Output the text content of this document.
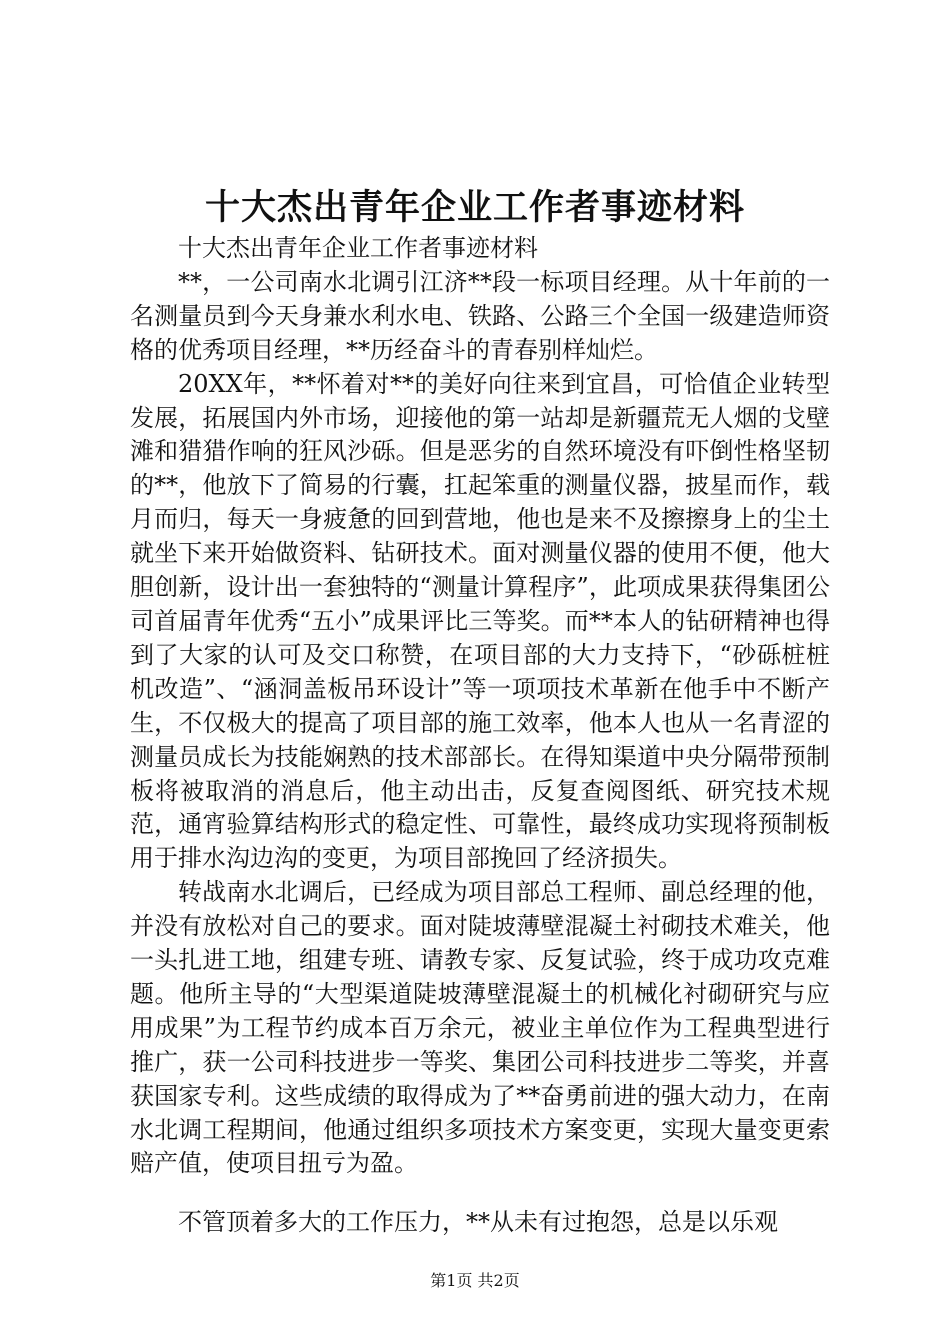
十大杰出青年企业工作者事迹材料

十大杰出青年企业工作者事迹材料

**，一公司南水北调引江济**段一标项目经理。从十年前的一名测量员到今天身兼水利水电、铁路、公路三个全国一级建造师资格的优秀项目经理，**历经奋斗的青春别样灿烂。

20XX年，**怀着对**的美好向往来到宜昌，可恰值企业转型发展，拓展国内外市场，迎接他的第一站却是新疆荒无人烟的戈壁滩和猎猎作响的狂风沙砾。但是恶劣的自然环境没有吓倒性格坚韧的**，他放下了简易的行囊，扛起笨重的测量仪器，披星而作，载月而归，每天一身疲惫的回到营地，他也是来不及擦擦身上的尘土就坐下来开始做资料、钻研技术。面对测量仪器的使用不便，他大胆创新，设计出一套独特的“测量计算程序”，此项成果获得集团公司首届青年优秀“五小”成果评比三等奖。而**本人的钻研精神也得到了大家的认可及交口称赞，在项目部的大力支持下，“砂砾桩桩机改造”、“涵洞盖板吊环设计”等一项项技术革新在他手中不断产生，不仅极大的提高了项目部的施工效率，他本人也从一名青涩的测量员成长为技能娴熟的技术部部长。在得知渠道中央分隔带预制板将被取消的消息后，他主动出击，反复查阅图纸、研究技术规范，通宵验算结构形式的稳定性、可靠性，最终成功实现将预制板用于排水沟边沟的变更，为项目部挽回了经济损失。

转战南水北调后，已经成为项目部总工程师、副总经理的他，并没有放松对自己的要求。面对陡坡薄壁混凝土衬砌技术难关，他一头扎进工地，组建专班、请教专家、反复试验，终于成功攻克难题。他所主导的“大型渠道陡坡薄壁混凝土的机械化衬砌研究与应用成果”为工程节约成本百万余元，被业主单位作为工程典型进行推广，获一公司科技进步一等奖、集团公司科技进步二等奖，并喜获国家专利。这些成绩的取得成为了**奋勇前进的强大动力，在南水北调工程期间，他通过组织多项技术方案变更，实现大量变更索赔产值，使项目扭亏为盈。

不管顶着多大的工作压力，**从未有过抱怨，总是以乐观

第1页 共2页
